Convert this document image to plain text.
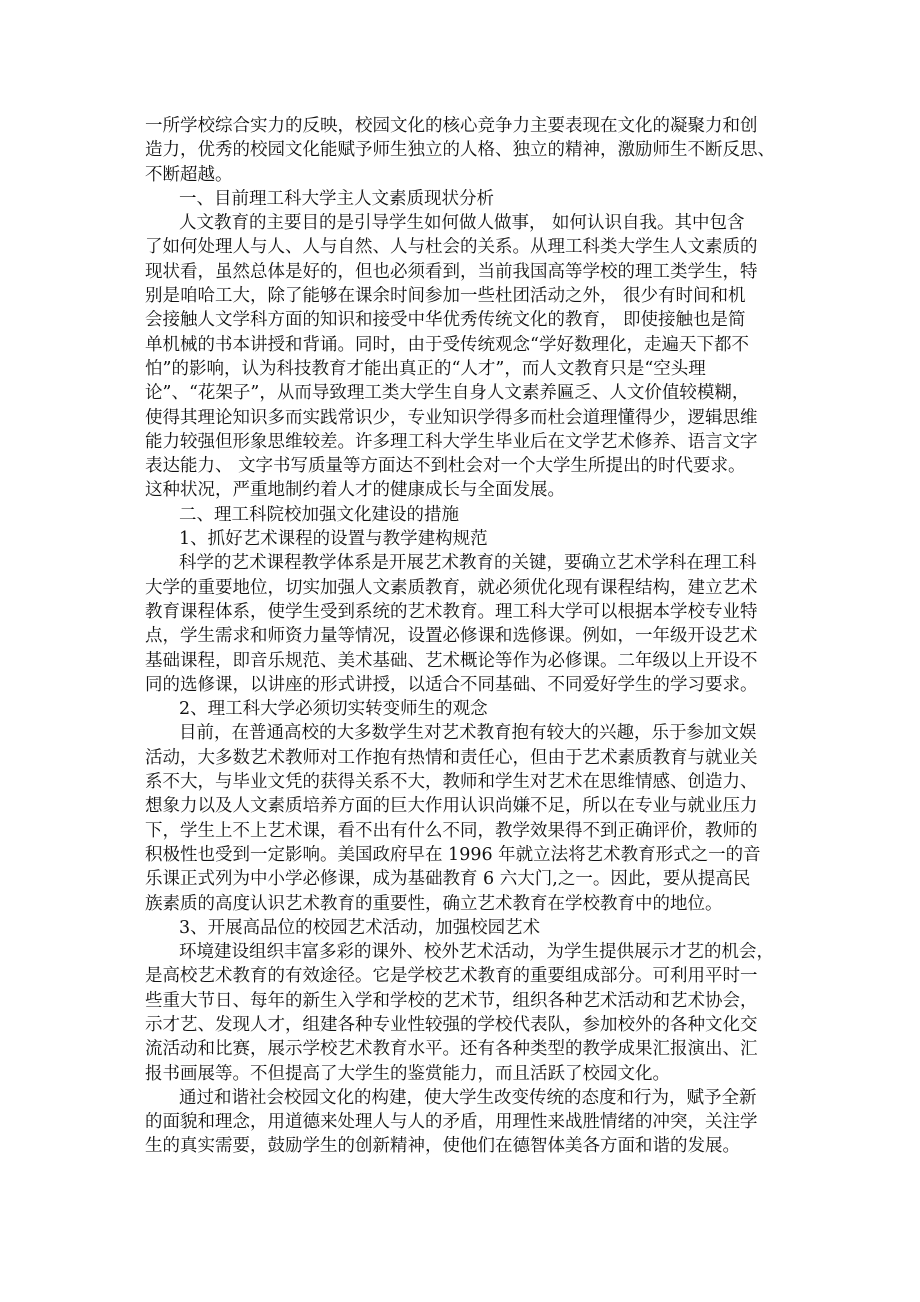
一所学校综合实力的反映，校园文化的核心竞争力主要表现在文化的凝聚力和创
造力，优秀的校园文化能赋予师生独立的人格、独立的精神，激励师生不断反思、
不断超越。
一、目前理工科大学主人文素质现状分析
人文教育的主要目的是引导学生如何做人做事， 如何认识自我。其中包含
了如何处理人与人、人与自然、人与杜会的关系。从理工科类大学生人文素质的
现状看，虽然总体是好的，但也必须看到，当前我国高等学校的理工类学生，特
别是咱哈工大，除了能够在课余时间参加一些杜团活动之外， 很少有时间和机
会接触人文学科方面的知识和接受中华优秀传统文化的教育， 即使接触也是简
单机械的书本讲授和背诵。同时，由于受传统观念“学好数理化，走遍天下都不
怕”的影响，认为科技教育才能出真正的“人才”，而人文教育只是“空头理
论”、“花架子”，从而导致理工类大学生自身人文素养匾乏、人文价值较模糊，
使得其理论知识多而实践常识少，专业知识学得多而杜会道理懂得少，逻辑思维
能力较强但形象思维较差。许多理工科大学生毕业后在文学艺术修养、语言文字
表达能力、 文字书写质量等方面达不到杜会对一个大学生所提出的时代要求。
这种状况，严重地制约着人才的健康成长与全面发展。
二、理工科院校加强文化建设的措施
1、抓好艺术课程的设置与教学建构规范
科学的艺术课程教学体系是开展艺术教育的关键，要确立艺术学科在理工科
大学的重要地位，切实加强人文素质教育，就必须优化现有课程结构，建立艺术
教育课程体系，使学生受到系统的艺术教育。理工科大学可以根据本学校专业特
点，学生需求和师资力量等情况，设置必修课和选修课。例如，一年级开设艺术
基础课程，即音乐规范、美术基础、艺术概论等作为必修课。二年级以上开设不
同的选修课，以讲座的形式讲授，以适合不同基础、不同爱好学生的学习要求。
2、理工科大学必须切实转变师生的观念
目前，在普通高校的大多数学生对艺术教育抱有较大的兴趣，乐于参加文娱
活动，大多数艺术教师对工作抱有热情和责任心，但由于艺术素质教育与就业关
系不大，与毕业文凭的获得关系不大，教师和学生对艺术在思维情感、创造力、
想象力以及人文素质培养方面的巨大作用认识尚嫌不足，所以在专业与就业压力
下，学生上不上艺术课，看不出有什么不同，教学效果得不到正确评价，教师的
积极性也受到一定影响。美国政府早在 1996 年就立法将艺术教育形式之一的音
乐课正式列为中小学必修课，成为基础教育 6 六大门,之一。因此，要从提高民
族素质的高度认识艺术教育的重要性，确立艺术教育在学校教育中的地位。
3、开展高品位的校园艺术活动，加强校园艺术
环境建设组织丰富多彩的课外、校外艺术活动，为学生提供展示才艺的机会，
是高校艺术教育的有效途径。它是学校艺术教育的重要组成部分。可利用平时一
些重大节日、每年的新生入学和学校的艺术节，组织各种艺术活动和艺术协会，
示才艺、发现人才，组建各种专业性较强的学校代表队，参加校外的各种文化交
流活动和比赛，展示学校艺术教育水平。还有各种类型的教学成果汇报演出、汇
报书画展等。不但提高了大学生的鉴赏能力，而且活跃了校园文化。
通过和谐社会校园文化的构建，使大学生改变传统的态度和行为，赋予全新
的面貌和理念，用道德来处理人与人的矛盾，用理性来战胜情绪的冲突，关注学
生的真实需要，鼓励学生的创新精神，使他们在德智体美各方面和谐的发展。
